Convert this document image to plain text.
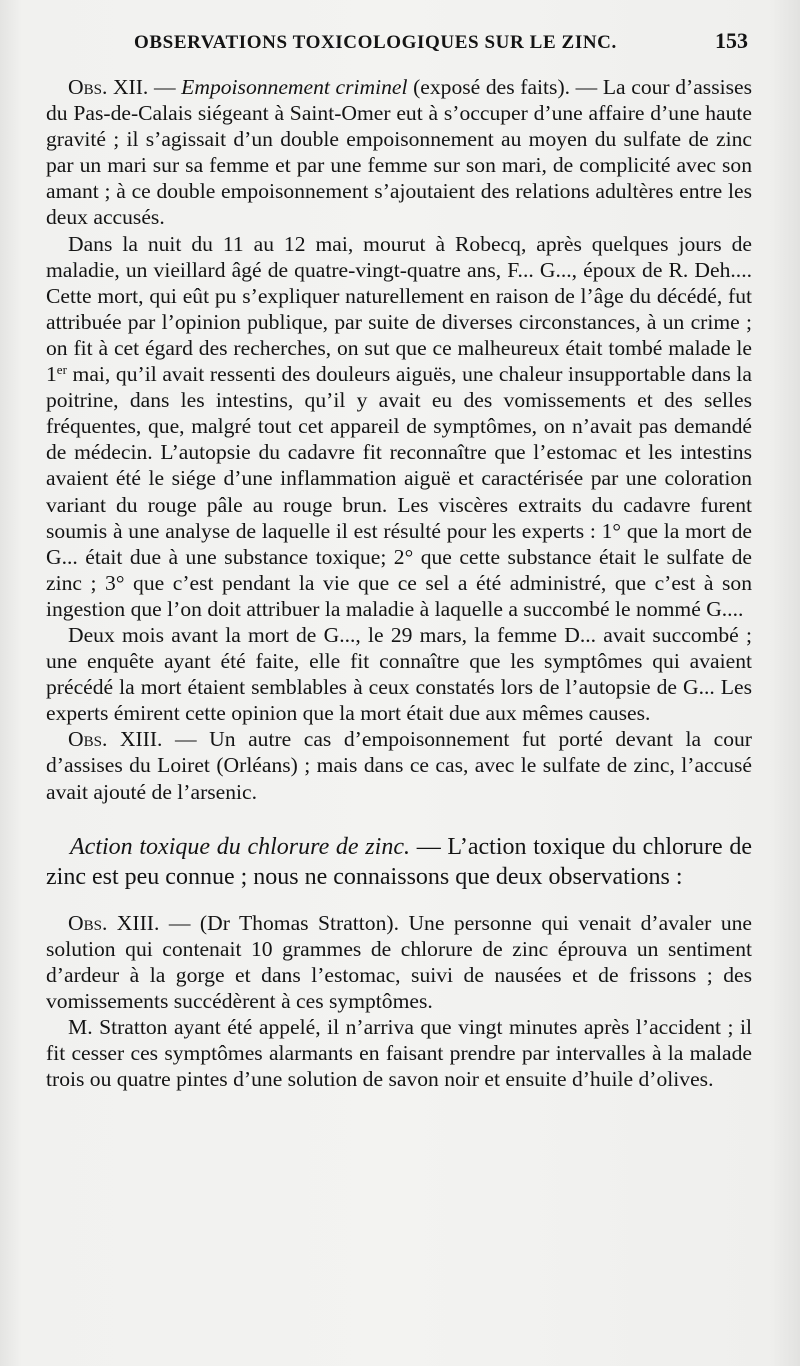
OBSERVATIONS TOXICOLOGIQUES SUR LE ZINC.	153

Obs. XII. — Empoisonnement criminel (exposé des faits). — La cour d’assises du Pas-de-Calais siégeant à Saint-Omer eut à s’occuper d’une affaire d’une haute gravité ; il s’agissait d’un double empoisonnement au moyen du sulfate de zinc par un mari sur sa femme et par une femme sur son mari, de complicité avec son amant ; à ce double empoisonnement s’ajoutaient des relations adultères entre les deux accusés.

Dans la nuit du 11 au 12 mai, mourut à Robecq, après quelques jours de maladie, un vieillard âgé de quatre-vingt-quatre ans, F... G..., époux de R. Deh.... Cette mort, qui eût pu s’expliquer naturellement en raison de l’âge du décédé, fut attribuée par l’opinion publique, par suite de diverses circonstances, à un crime ; on fit à cet égard des recherches, on sut que ce malheureux était tombé malade le 1er mai, qu’il avait ressenti des douleurs aiguës, une chaleur insupportable dans la poitrine, dans les intestins, qu’il y avait eu des vomissements et des selles fréquentes, que, malgré tout cet appareil de symptômes, on n’avait pas demandé de médecin. L’autopsie du cadavre fit reconnaître que l’estomac et les intestins avaient été le siége d’une inflammation aiguë et caractérisée par une coloration variant du rouge pâle au rouge brun. Les viscères extraits du cadavre furent soumis à une analyse de laquelle il est résulté pour les experts : 1° que la mort de G... était due à une substance toxique; 2° que cette substance était le sulfate de zinc ; 3° que c’est pendant la vie que ce sel a été administré, que c’est à son ingestion que l’on doit attribuer la maladie à laquelle a succombé le nommé G....

Deux mois avant la mort de G..., le 29 mars, la femme D... avait succombé ; une enquête ayant été faite, elle fit connaître que les symptômes qui avaient précédé la mort étaient semblables à ceux constatés lors de l’autopsie de G... Les experts émirent cette opinion que la mort était due aux mêmes causes.

Obs. XIII. — Un autre cas d’empoisonnement fut porté devant la cour d’assises du Loiret (Orléans) ; mais dans ce cas, avec le sulfate de zinc, l’accusé avait ajouté de l’arsenic.

Action toxique du chlorure de zinc. — L’action toxique du chlorure de zinc est peu connue ; nous ne connaissons que deux observations :

Obs. XIII. — (Dr Thomas Stratton). Une personne qui venait d’avaler une solution qui contenait 10 grammes de chlorure de zinc éprouva un sentiment d’ardeur à la gorge et dans l’estomac, suivi de nausées et de frissons ; des vomissements succédèrent à ces symptômes.

M. Stratton ayant été appelé, il n’arriva que vingt minutes après l’accident ; il fit cesser ces symptômes alarmants en faisant prendre par intervalles à la malade trois ou quatre pintes d’une solution de savon noir et ensuite d’huile d’olives.
